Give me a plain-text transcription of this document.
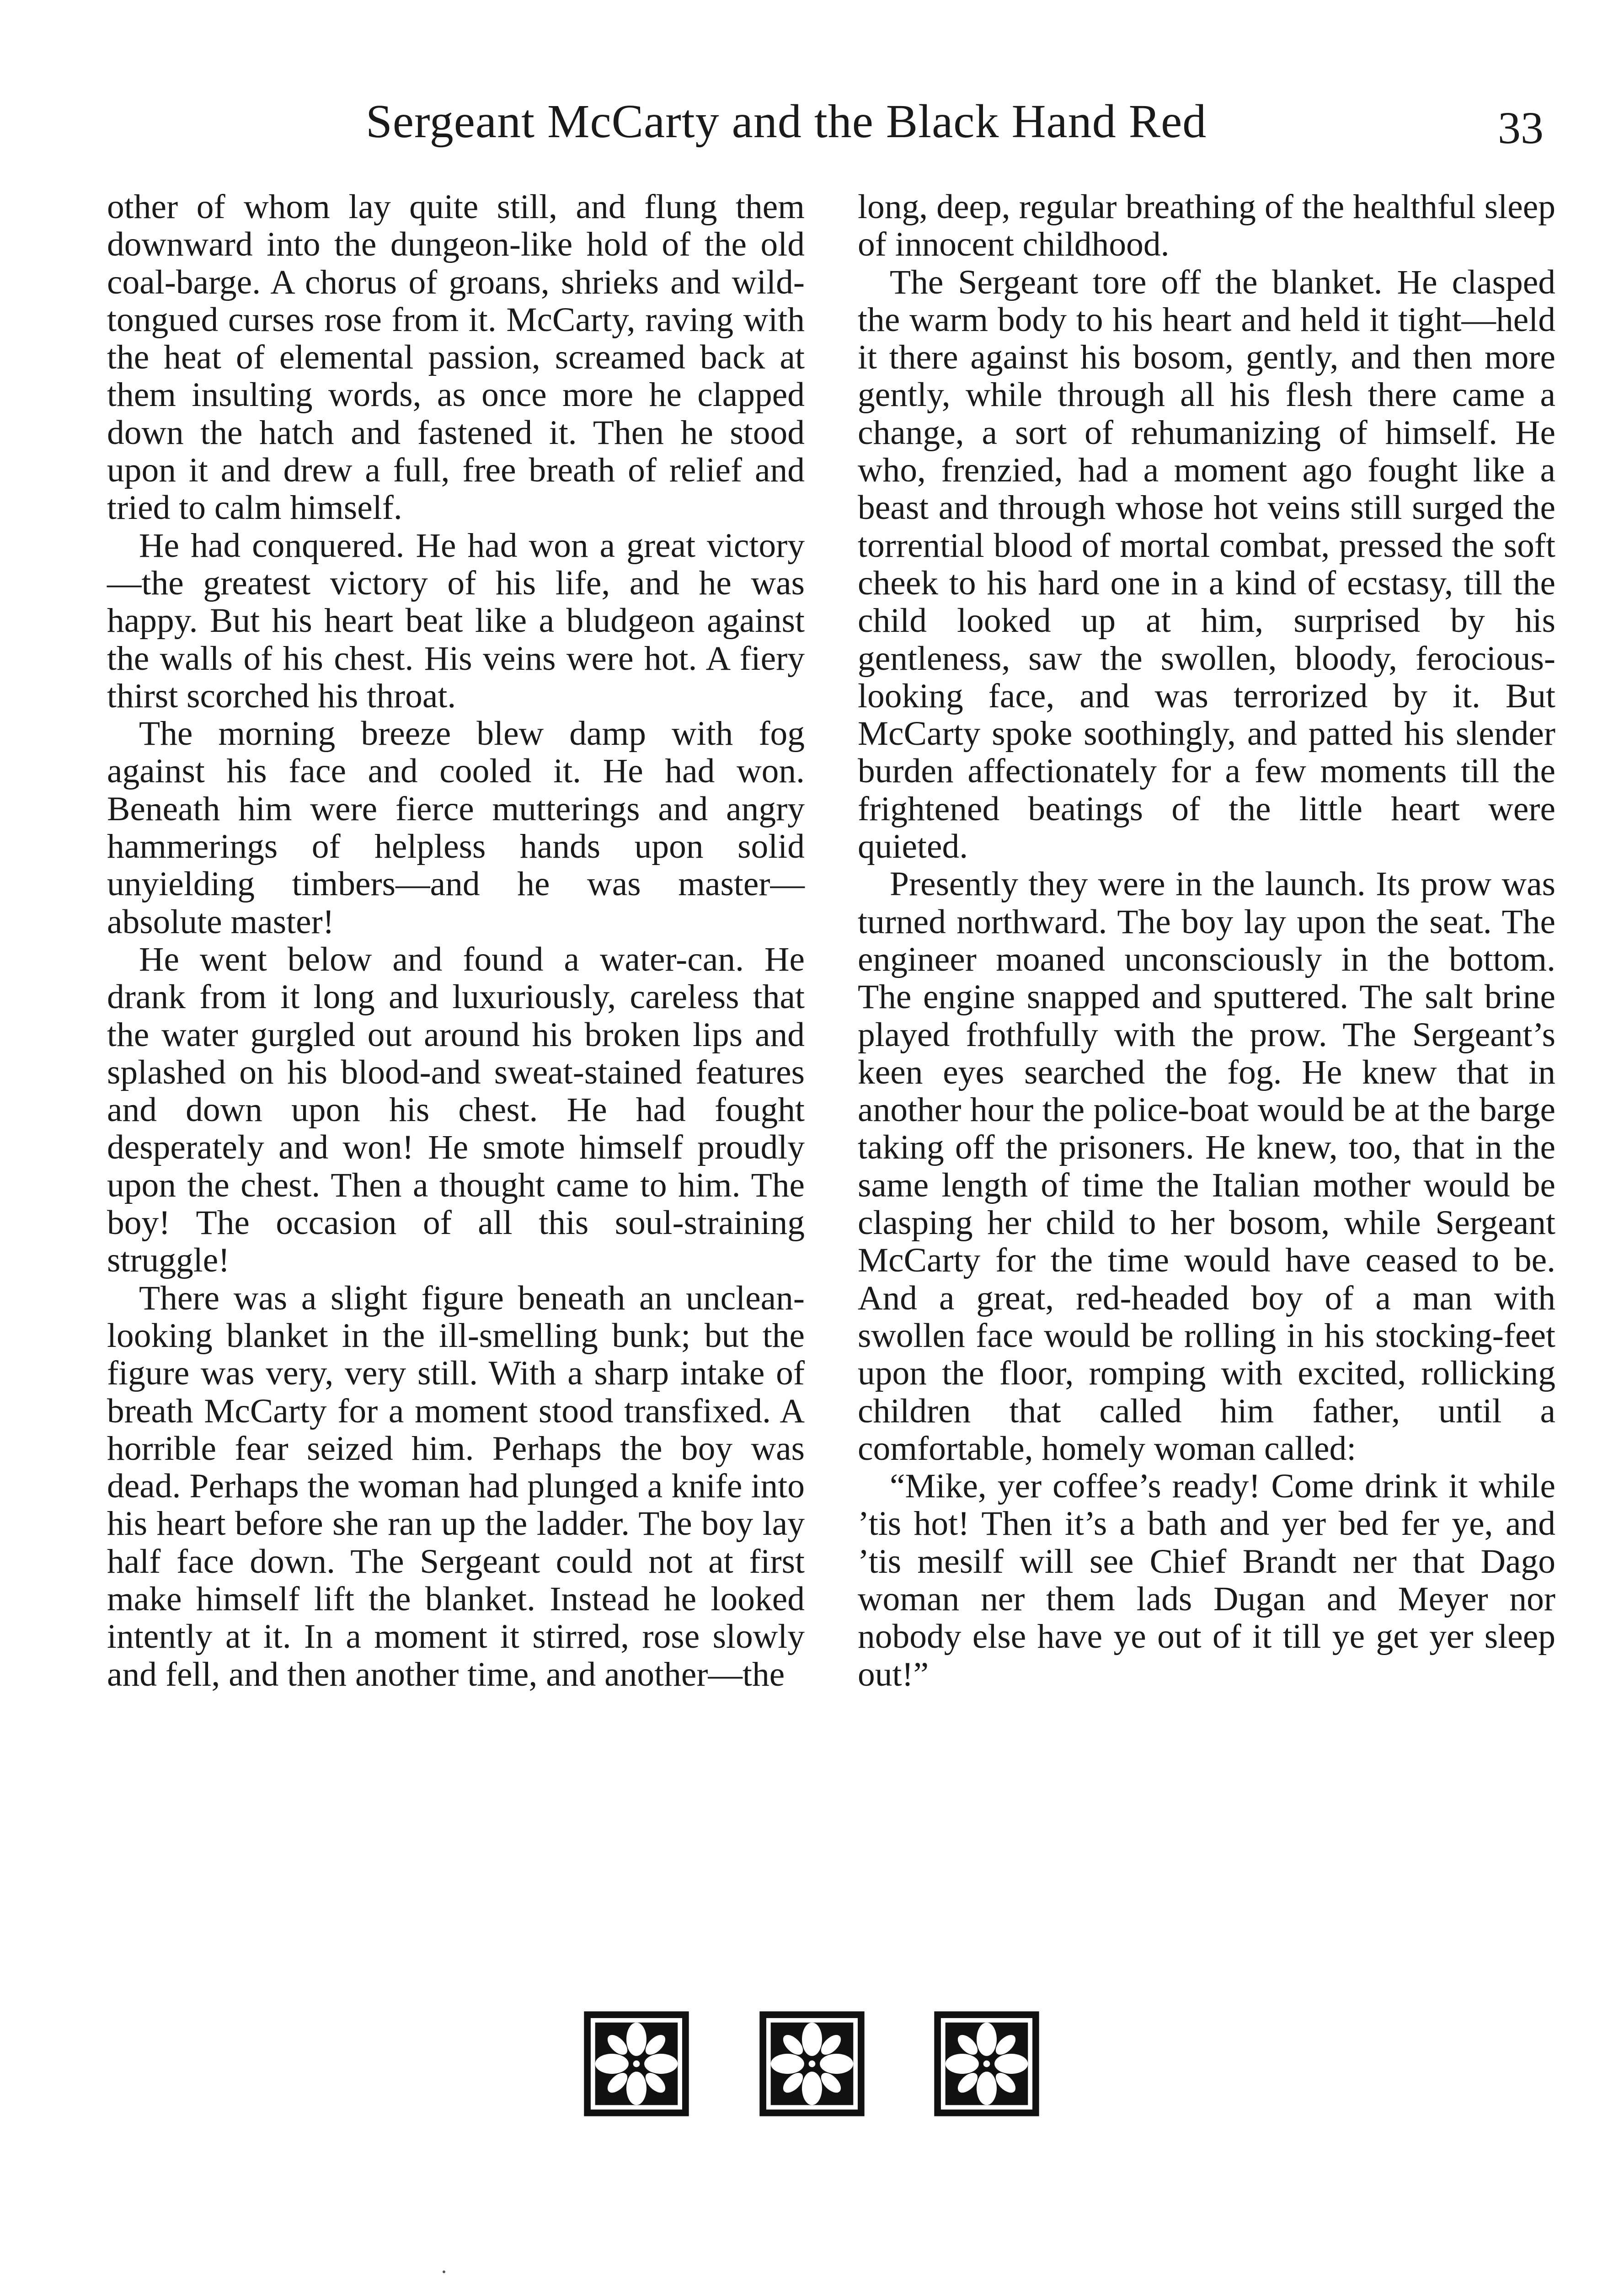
Sergeant McCarty and the Black Hand Red	33

other of whom lay quite still, and flung them downward into the dungeon-like hold of the old coal-barge. A chorus of groans, shrieks and wild-tongued curses rose from it. McCarty, raving with the heat of elemental passion, screamed back at them insulting words, as once more he clapped down the hatch and fastened it. Then he stood upon it and drew a full, free breath of relief and tried to calm himself.

He had conquered. He had won a great victory—the greatest victory of his life, and he was happy. But his heart beat like a bludgeon against the walls of his chest. His veins were hot. A fiery thirst scorched his throat.

The morning breeze blew damp with fog against his face and cooled it. He had won. Beneath him were fierce mutterings and angry hammerings of helpless hands upon solid unyielding timbers—and he was master—absolute master!

He went below and found a water-can. He drank from it long and luxuriously, careless that the water gurgled out around his broken lips and splashed on his blood-and sweat-stained features and down upon his chest. He had fought desperately and won! He smote himself proudly upon the chest. Then a thought came to him. The boy! The occasion of all this soul-straining struggle!

There was a slight figure beneath an unclean-looking blanket in the ill-smelling bunk; but the figure was very, very still. With a sharp intake of breath McCarty for a moment stood transfixed. A horrible fear seized him. Perhaps the boy was dead. Perhaps the woman had plunged a knife into his heart before she ran up the ladder. The boy lay half face down. The Sergeant could not at first make himself lift the blanket. Instead he looked intently at it. In a moment it stirred, rose slowly and fell, and then another time, and another—the

long, deep, regular breathing of the healthful sleep of innocent childhood.

The Sergeant tore off the blanket. He clasped the warm body to his heart and held it tight—held it there against his bosom, gently, and then more gently, while through all his flesh there came a change, a sort of rehumanizing of himself. He who, frenzied, had a moment ago fought like a beast and through whose hot veins still surged the torrential blood of mortal combat, pressed the soft cheek to his hard one in a kind of ecstasy, till the child looked up at him, surprised by his gentleness, saw the swollen, bloody, ferocious-looking face, and was terrorized by it. But McCarty spoke soothingly, and patted his slender burden affectionately for a few moments till the frightened beatings of the little heart were quieted.

Presently they were in the launch. Its prow was turned northward. The boy lay upon the seat. The engineer moaned unconsciously in the bottom. The engine snapped and sputtered. The salt brine played frothfully with the prow. The Sergeant’s keen eyes searched the fog. He knew that in another hour the police-boat would be at the barge taking off the prisoners. He knew, too, that in the same length of time the Italian mother would be clasping her child to her bosom, while Sergeant McCarty for the time would have ceased to be. And a great, red-headed boy of a man with swollen face would be rolling in his stocking-feet upon the floor, romping with excited, rollicking children that called him father, until a comfortable, homely woman called:

“Mike, yer coffee’s ready! Come drink it while ’tis hot! Then it’s a bath and yer bed fer ye, and ’tis mesilf will see Chief Brandt ner that Dago woman ner them lads Dugan and Meyer nor nobody else have ye out of it till ye get yer sleep out!”
